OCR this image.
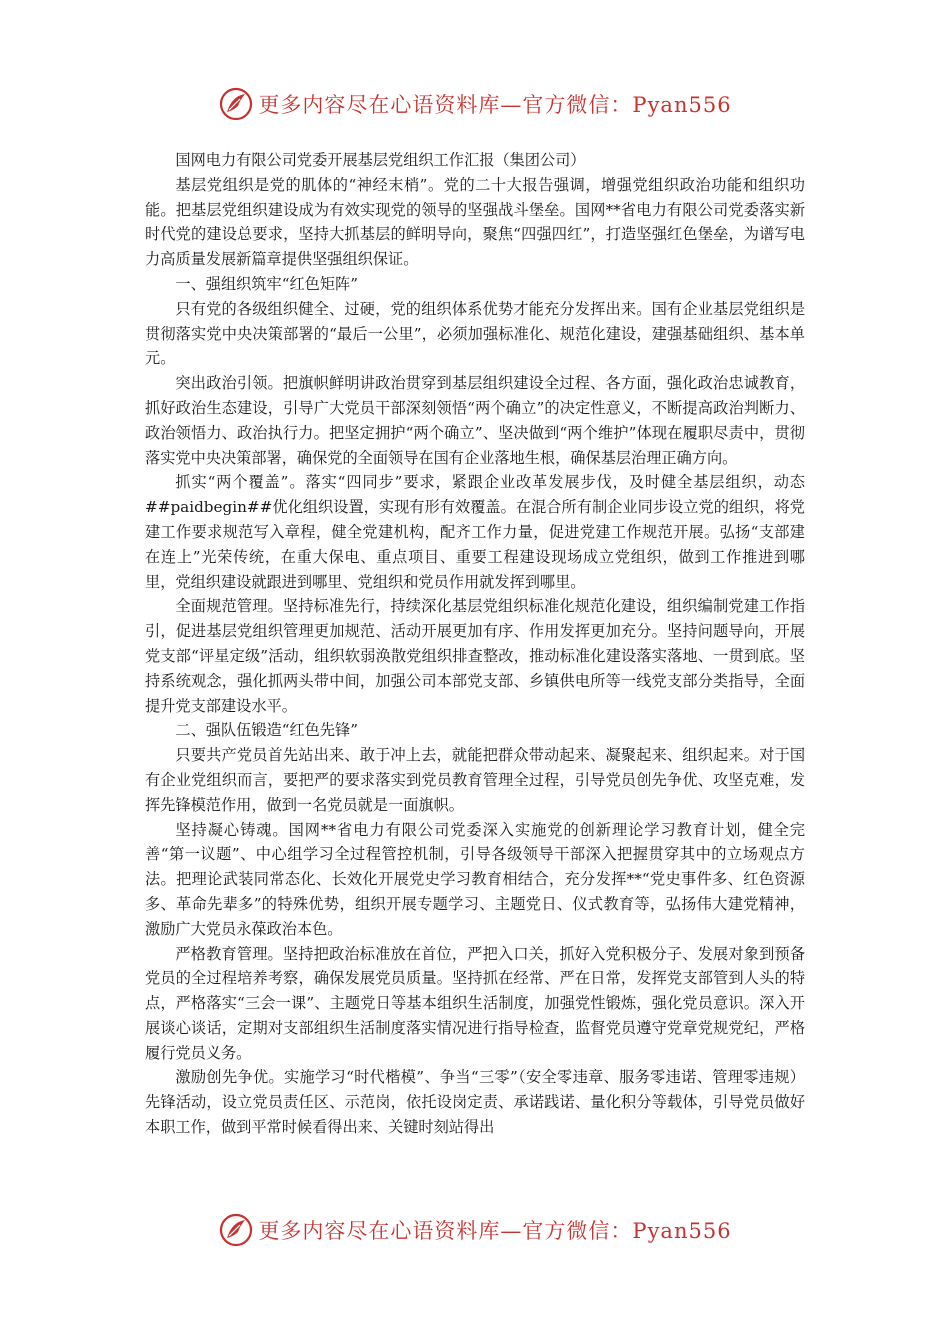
更多内容尽在心语资料库—官方微信：Pyan556

国网电力有限公司党委开展基层党组织工作汇报（集团公司）

基层党组织是党的肌体的“神经末梢”。党的二十大报告强调，增强党组织政治功能和组织功能。把基层党组织建设成为有效实现党的领导的坚强战斗堡垒。国网**省电力有限公司党委落实新时代党的建设总要求，坚持大抓基层的鲜明导向，聚焦“四强四红”，打造坚强红色堡垒，为谱写电力高质量发展新篇章提供坚强组织保证。

一、强组织筑牢“红色矩阵”

只有党的各级组织健全、过硬，党的组织体系优势才能充分发挥出来。国有企业基层党组织是贯彻落实党中央决策部署的“最后一公里”，必须加强标准化、规范化建设，建强基础组织、基本单元。

突出政治引领。把旗帜鲜明讲政治贯穿到基层组织建设全过程、各方面，强化政治忠诚教育，抓好政治生态建设，引导广大党员干部深刻领悟“两个确立”的决定性意义，不断提高政治判断力、政治领悟力、政治执行力。把坚定拥护“两个确立”、坚决做到“两个维护”体现在履职尽责中，贯彻落实党中央决策部署，确保党的全面领导在国有企业落地生根，确保基层治理正确方向。

抓实“两个覆盖”。落实“四同步”要求，紧跟企业改革发展步伐，及时健全基层组织，动态##paidbegin##优化组织设置，实现有形有效覆盖。在混合所有制企业同步设立党的组织，将党建工作要求规范写入章程，健全党建机构，配齐工作力量，促进党建工作规范开展。弘扬“支部建在连上”光荣传统，在重大保电、重点项目、重要工程建设现场成立党组织，做到工作推进到哪里，党组织建设就跟进到哪里、党组织和党员作用就发挥到哪里。

全面规范管理。坚持标准先行，持续深化基层党组织标准化规范化建设，组织编制党建工作指引，促进基层党组织管理更加规范、活动开展更加有序、作用发挥更加充分。坚持问题导向，开展党支部“评星定级”活动，组织软弱涣散党组织排查整改，推动标准化建设落实落地、一贯到底。坚持系统观念，强化抓两头带中间，加强公司本部党支部、乡镇供电所等一线党支部分类指导，全面提升党支部建设水平。

二、强队伍锻造“红色先锋”

只要共产党员首先站出来、敢于冲上去，就能把群众带动起来、凝聚起来、组织起来。对于国有企业党组织而言，要把严的要求落实到党员教育管理全过程，引导党员创先争优、攻坚克难，发挥先锋模范作用，做到一名党员就是一面旗帜。

坚持凝心铸魂。国网**省电力有限公司党委深入实施党的创新理论学习教育计划，健全完善“第一议题”、中心组学习全过程管控机制，引导各级领导干部深入把握贯穿其中的立场观点方法。把理论武装同常态化、长效化开展党史学习教育相结合，充分发挥**“党史事件多、红色资源多、革命先辈多”的特殊优势，组织开展专题学习、主题党日、仪式教育等，弘扬伟大建党精神，激励广大党员永葆政治本色。

严格教育管理。坚持把政治标准放在首位，严把入口关，抓好入党积极分子、发展对象到预备党员的全过程培养考察，确保发展党员质量。坚持抓在经常、严在日常，发挥党支部管到人头的特点，严格落实“三会一课”、主题党日等基本组织生活制度，加强党性锻炼，强化党员意识。深入开展谈心谈话，定期对支部组织生活制度落实情况进行指导检查，监督党员遵守党章党规党纪，严格履行党员义务。

激励创先争优。实施学习“时代楷模”、争当“三零”（安全零违章、服务零违诺、管理零违规）先锋活动，设立党员责任区、示范岗，依托设岗定责、承诺践诺、量化积分等载体，引导党员做好本职工作，做到平常时候看得出来、关键时刻站得出

更多内容尽在心语资料库—官方微信：Pyan556
